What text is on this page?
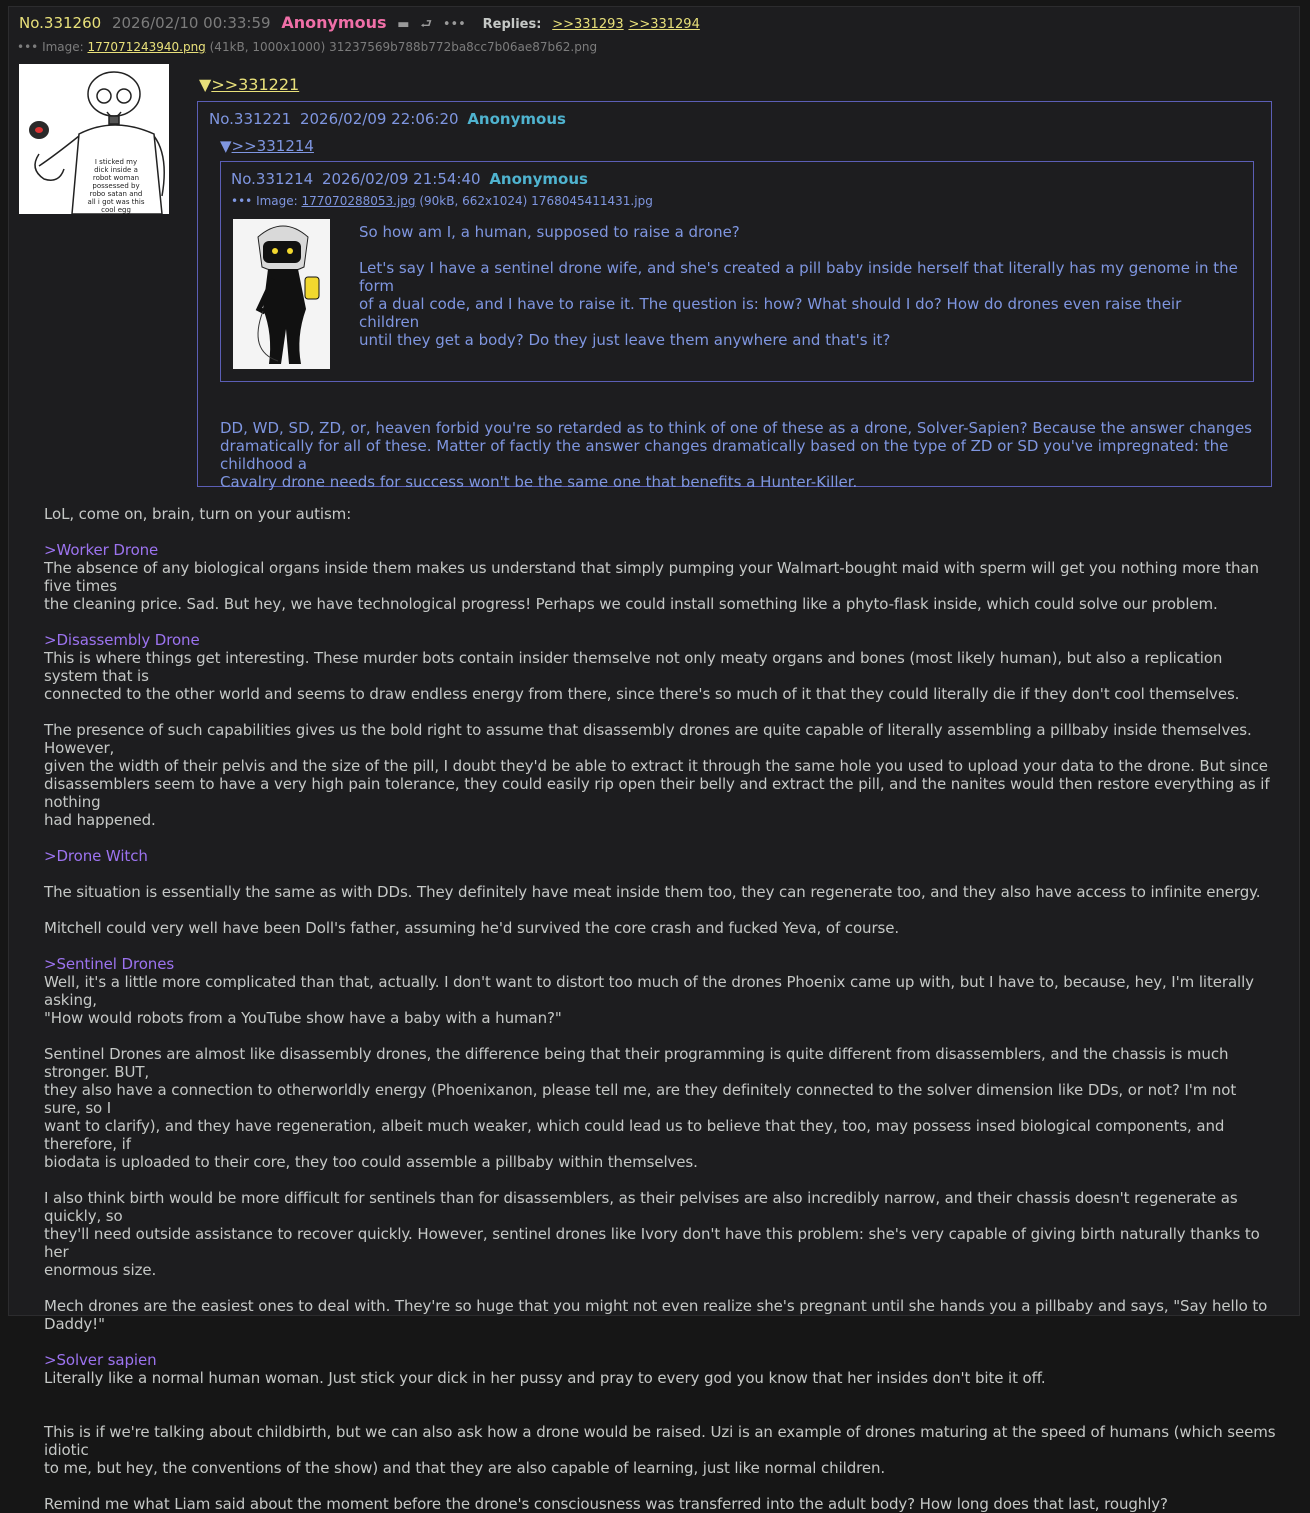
No.331260 2026/02/10 00:33:59 Anonymous ▬ ⮐ ••• Replies: >>331293 >>331294
••• Image: 177071243940.png (41kB, 1000x1000) 31237569b788b772ba8cc7b06ae87b62.png
I sticked my dick inside a robot woman possessed by robo satan and all i got was this cool egg
▼>>331221
No.331221 2026/02/09 22:06:20 Anonymous
▼>>331214
No.331214 2026/02/09 21:54:40 Anonymous
••• Image: 177070288053.jpg (90kB, 662x1024) 1768045411431.jpg
So how am I, a human, supposed to raise a drone?

Let's say I have a sentinel drone wife, and she's created a pill baby inside herself that literally has my genome in the form
of a dual code, and I have to raise it. The question is: how? What should I do? How do drones even raise their children
until they get a body? Do they just leave them anywhere and that's it?
DD, WD, SD, ZD, or, heaven forbid you're so retarded as to think of one of these as a drone, Solver-Sapien? Because the answer changes
dramatically for all of these. Matter of factly the answer changes dramatically based on the type of ZD or SD you've impregnated: the childhood a
Cavalry drone needs for success won't be the same one that benefits a Hunter-Killer.
LoL, come on, brain, turn on your autism:

>Worker Drone
The absence of any biological organs inside them makes us understand that simply pumping your Walmart-bought maid with sperm will get you nothing more than five times
the cleaning price. Sad. But hey, we have technological progress! Perhaps we could install something like a phyto-flask inside, which could solve our problem.

>Disassembly Drone
This is where things get interesting. These murder bots contain insider themselve not only meaty organs and bones (most likely human), but also a replication system that is
connected to the other world and seems to draw endless energy from there, since there's so much of it that they could literally die if they don't cool themselves.

The presence of such capabilities gives us the bold right to assume that disassembly drones are quite capable of literally assembling a pillbaby inside themselves. However,
given the width of their pelvis and the size of the pill, I doubt they'd be able to extract it through the same hole you used to upload your data to the drone. But since
disassemblers seem to have a very high pain tolerance, they could easily rip open their belly and extract the pill, and the nanites would then restore everything as if nothing
had happened.

>Drone Witch

The situation is essentially the same as with DDs. They definitely have meat inside them too, they can regenerate too, and they also have access to infinite energy.

Mitchell could very well have been Doll's father, assuming he'd survived the core crash and fucked Yeva, of course.

>Sentinel Drones
Well, it's a little more complicated than that, actually. I don't want to distort too much of the drones Phoenix came up with, but I have to, because, hey, I'm literally asking,
"How would robots from a YouTube show have a baby with a human?"

Sentinel Drones are almost like disassembly drones, the difference being that their programming is quite different from disassemblers, and the chassis is much stronger. BUT,
they also have a connection to otherworldly energy (Phoenixanon, please tell me, are they definitely connected to the solver dimension like DDs, or not? I'm not sure, so I
want to clarify), and they have regeneration, albeit much weaker, which could lead us to believe that they, too, may possess insed biological components, and therefore, if
biodata is uploaded to their core, they too could assemble a pillbaby within themselves.

I also think birth would be more difficult for sentinels than for disassemblers, as their pelvises are also incredibly narrow, and their chassis doesn't regenerate as quickly, so
they'll need outside assistance to recover quickly. However, sentinel drones like Ivory don't have this problem: she's very capable of giving birth naturally thanks to her
enormous size.

Mech drones are the easiest ones to deal with. They're so huge that you might not even realize she's pregnant until she hands you a pillbaby and says, "Say hello to Daddy!"

>Solver sapien
Literally like a normal human woman. Just stick your dick in her pussy and pray to every god you know that her insides don't bite it off.

This is if we're talking about childbirth, but we can also ask how a drone would be raised. Uzi is an example of drones maturing at the speed of humans (which seems idiotic
to me, but hey, the conventions of the show) and that they are also capable of learning, just like normal children.

Remind me what Liam said about the moment before the drone's consciousness was transferred into the adult body? How long does that last, roughly?
